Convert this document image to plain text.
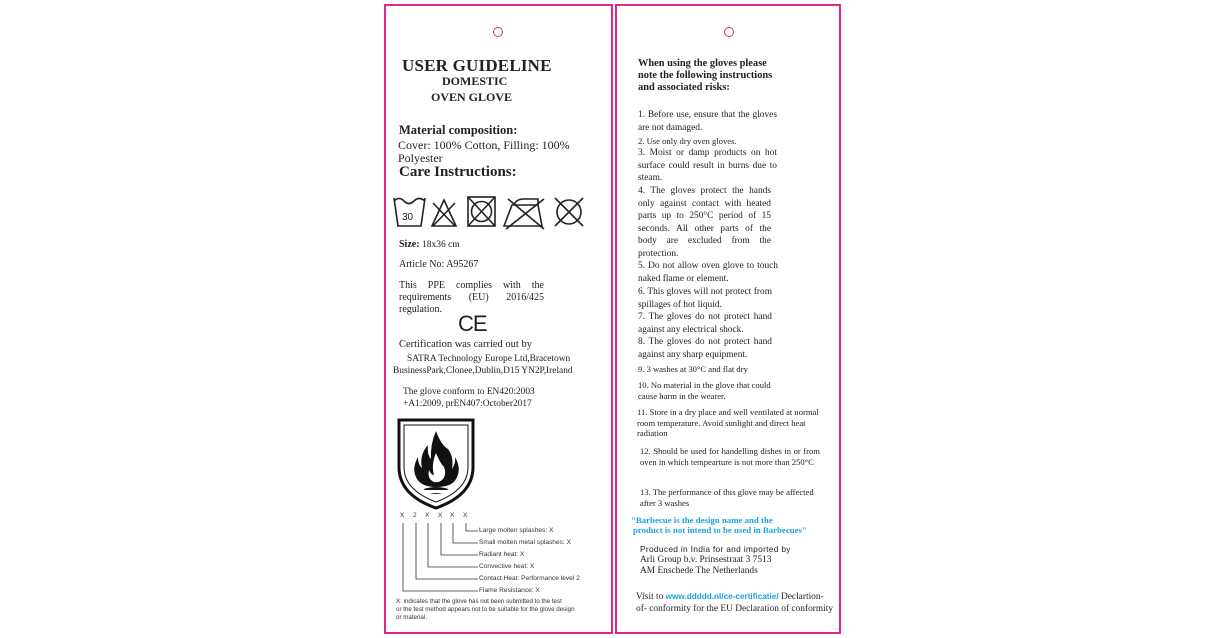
USER GUIDELINE
DOMESTIC
OVEN GLOVE
Material composition:
Cover: 100% Cotton, Filling: 100%
Polyester
Care Instructions:
30
Size: 18x36 cm
Article No: A95267
This PPE complies with the requirements (EU) 2016/425 regulation.
CE
Certification was carried out by
SATRA Technology Europe Ltd,Bracetown
BusinessPark,Clonee,Dublin,D15 YN2P,Ireland
The glove conform to EN420:2003
+A1:2009, prEN407:October2017
X 2 X X X X
Large molten splashes: X
Small molten metal splashes: X
Radiant heat: X
Convective heat: X
Contact Heat: Performance level 2
Flame Resistance: X
X: indicates that the glove has not been submitted to the test
or the test method appears not to be suitable for the glove design
or material.
When using the gloves please note the following instructions and associated risks:
1. Before use, ensure that the gloves are not damaged.
2. Use only dry oven gloves.
3. Moist or damp products on hot surface could result in burns due to steam.
4. The gloves protect the hands only against contact with heated parts up to 250°C period of 15 seconds. All other parts of the body are excluded from the protection.
5. Do not allow oven glove to touch naked flame or element.
6. This gloves will not protect from spillages of hot liquid.
7. The gloves do not protect hand against any electrical shock.
8. The gloves do not protect hand against any sharp equipment.
9. 3 washes at 30°C and flat dry
10. No material in the glove that could cause harm in the wearer.
11. Store in a dry place and well ventilated at normal room temperature. Avoid sunlight and direct heat radiation
12. Should be used for handelling dishes in or from oven in which tempearture is not more than 250°C
13. The performance of this glove may be affected after 3 washes
"Barbecue is the design name and the
product is not intend to be used in Barbecues"
Produced in India for and imported by
Arli Group b.v. Prinsestraat 3 7513
AM Enschede The Netherlands
Visit to www.ddddd.nl/ce-certificatie/ Declartion-
of- conformity for the EU Declaration of conformity
